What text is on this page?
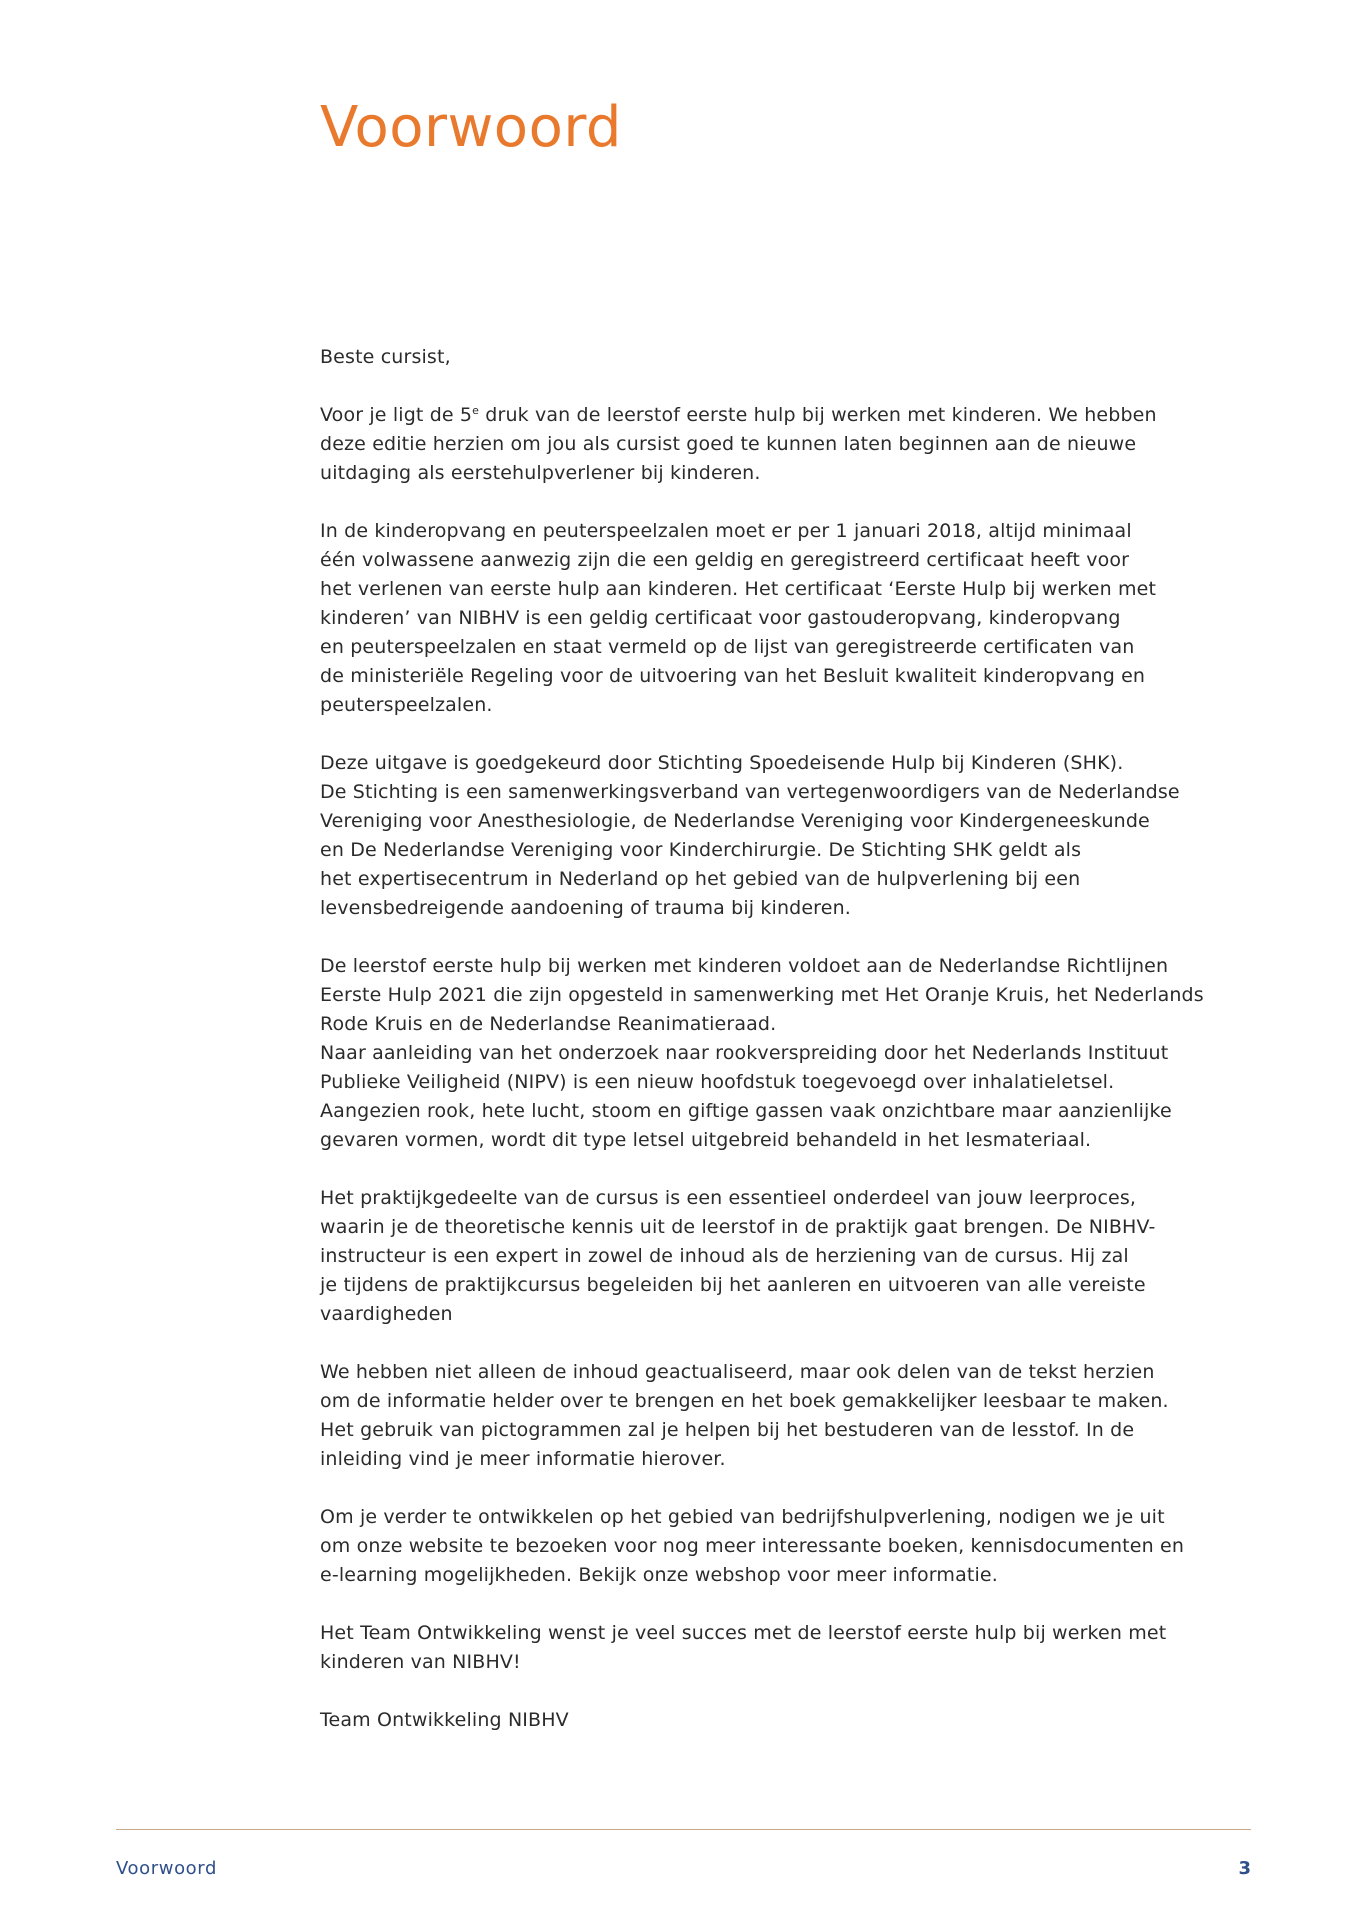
Voorwoord

Beste cursist,

Voor je ligt de 5e druk van de leerstof eerste hulp bij werken met kinderen. We hebben
deze editie herzien om jou als cursist goed te kunnen laten beginnen aan de nieuwe
uitdaging als eerstehulpverlener bij kinderen.

In de kinderopvang en peuterspeelzalen moet er per 1 januari 2018, altijd minimaal
één volwassene aanwezig zijn die een geldig en geregistreerd certificaat heeft voor
het verlenen van eerste hulp aan kinderen. Het certificaat ‘Eerste Hulp bij werken met
kinderen’ van NIBHV is een geldig certificaat voor gastouderopvang, kinderopvang
en peuterspeelzalen en staat vermeld op de lijst van geregistreerde certificaten van
de ministeriële Regeling voor de uitvoering van het Besluit kwaliteit kinderopvang en
peuterspeelzalen.

Deze uitgave is goedgekeurd door Stichting Spoedeisende Hulp bij Kinderen (SHK).
De Stichting is een samenwerkingsverband van vertegenwoordigers van de Nederlandse
Vereniging voor Anesthesiologie, de Nederlandse Vereniging voor Kindergeneeskunde
en De Nederlandse Vereniging voor Kinderchirurgie. De Stichting SHK geldt als
het expertisecentrum in Nederland op het gebied van de hulpverlening bij een
levensbedreigende aandoening of trauma bij kinderen.

De leerstof eerste hulp bij werken met kinderen voldoet aan de Nederlandse Richtlijnen
Eerste Hulp 2021 die zijn opgesteld in samenwerking met Het Oranje Kruis, het Nederlands
Rode Kruis en de Nederlandse Reanimatieraad.
Naar aanleiding van het onderzoek naar rookverspreiding door het Nederlands Instituut
Publieke Veiligheid (NIPV) is een nieuw hoofdstuk toegevoegd over inhalatieletsel.
Aangezien rook, hete lucht, stoom en giftige gassen vaak onzichtbare maar aanzienlijke
gevaren vormen, wordt dit type letsel uitgebreid behandeld in het lesmateriaal.

Het praktijkgedeelte van de cursus is een essentieel onderdeel van jouw leerproces,
waarin je de theoretische kennis uit de leerstof in de praktijk gaat brengen. De NIBHV-
instructeur is een expert in zowel de inhoud als de herziening van de cursus. Hij zal
je tijdens de praktijkcursus begeleiden bij het aanleren en uitvoeren van alle vereiste
vaardigheden

We hebben niet alleen de inhoud geactualiseerd, maar ook delen van de tekst herzien
om de informatie helder over te brengen en het boek gemakkelijker leesbaar te maken.
Het gebruik van pictogrammen zal je helpen bij het bestuderen van de lesstof. In de
inleiding vind je meer informatie hierover.

Om je verder te ontwikkelen op het gebied van bedrijfshulpverlening, nodigen we je uit
om onze website te bezoeken voor nog meer interessante boeken, kennisdocumenten en
e-learning mogelijkheden. Bekijk onze webshop voor meer informatie.

Het Team Ontwikkeling wenst je veel succes met de leerstof eerste hulp bij werken met
kinderen van NIBHV!

Team Ontwikkeling NIBHV

Voorwoord	3
